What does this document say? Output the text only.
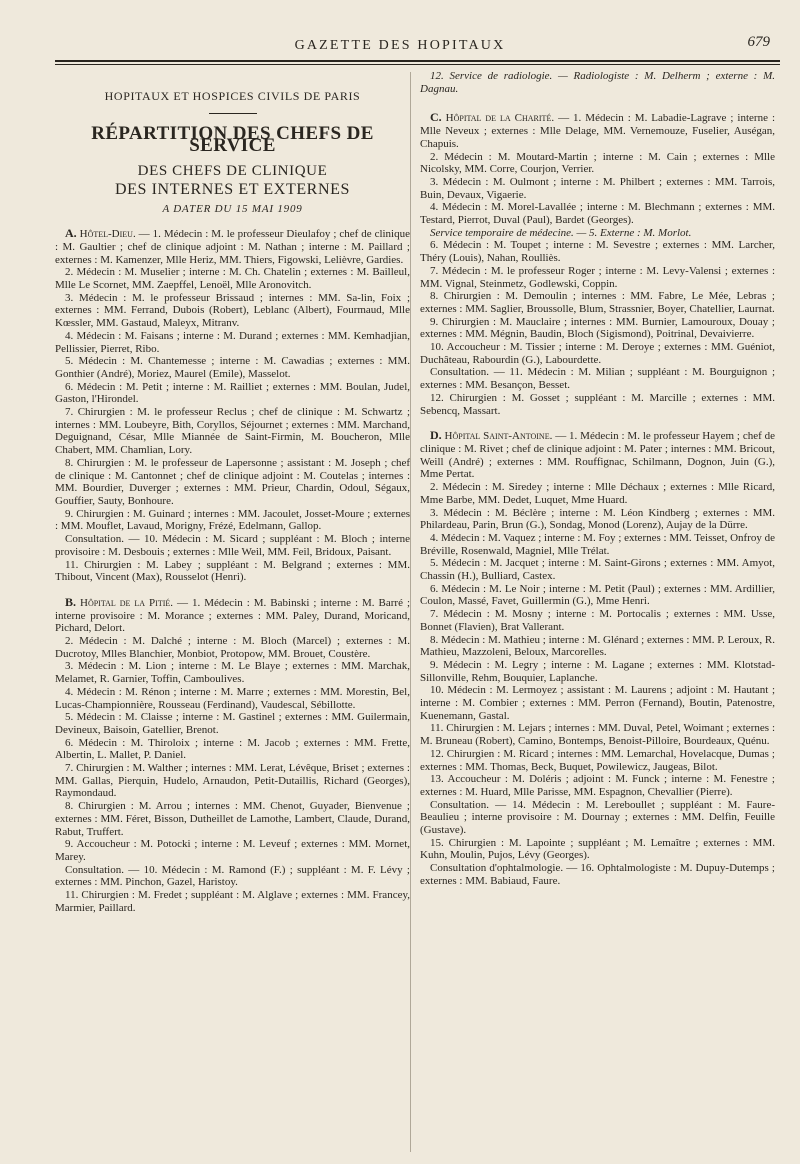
GAZETTE DES HOPITAUX	679
HOPITAUX ET HOSPICES CIVILS DE PARIS
RÉPARTITION DES CHEFS DE SERVICE
DES CHEFS DE CLINIQUE
DES INTERNES ET EXTERNES
A DATER DU 15 MAI 1909

A. Hôtel-Dieu. — 1. Médecin : M. le professeur Dieulafoy ; chef de clinique : M. Gaultier ; chef de clinique adjoint : M. Nathan ; interne : M. Paillard ; externes : M. Kamenzer, Mlle Heriz, MM. Thiers, Figowski, Lelièvre, Gardies.

2. Médecin : M. Muselier ; interne : M. Ch. Chatelin ; externes : M. Bailleul, Mlle Le Scornet, MM. Zaepffel, Lenoël, Mlle Aronovitch.

3. Médecin : M. le professeur Brissaud ; internes : MM. Sa-lin, Foix ; externes : MM. Ferrand, Dubois (Robert), Leblanc (Albert), Fourmaud, Mlle Kœssler, MM. Gastaud, Maleyx, Mitranv.

4. Médecin : M. Faisans ; interne : M. Durand ; externes : MM. Kemhadjian, Pellissier, Pierret, Ribo.

5. Médecin : M. Chantemesse ; interne : M. Cawadias ; externes : MM. Gonthier (André), Moriez, Maurel (Emile), Masselot.

6. Médecin : M. Petit ; interne : M. Railliet ; externes : MM. Boulan, Judel, Gaston, l'Hirondel.

7. Chirurgien : M. le professeur Reclus ; chef de clinique : M. Schwartz ; internes : MM. Loubeyre, Bith, Coryllos, Séjournet ; externes : MM. Marchand, Deguignand, César, Mlle Miannée de Saint-Firmin, M. Boucheron, Mlle Chabert, MM. Chamlian, Lory.

8. Chirurgien : M. le professeur de Lapersonne ; assistant : M. Joseph ; chef de clinique : M. Cantonnet ; chef de clinique adjoint : M. Coutelas ; internes : MM. Bourdier, Duverger ; externes : MM. Prieur, Chardin, Odoul, Ségaux, Gouffier, Sauty, Bonhoure.

9. Chirurgien : M. Guinard ; internes : MM. Jacoulet, Josset-Moure ; externes : MM. Mouflet, Lavaud, Morigny, Frézé, Edelmann, Gallop.

Consultation. — 10. Médecin : M. Sicard ; suppléant : M. Bloch ; interne provisoire : M. Desbouis ; externes : Mlle Weil, MM. Feil, Bridoux, Paisant.

11. Chirurgien : M. Labey ; suppléant : M. Belgrand ; externes : MM. Thibout, Vincent (Max), Rousselot (Henri).

B. Hôpital de la Pitié. — 1. Médecin : M. Babinski ; interne : M. Barré ; interne provisoire : M. Morance ; externes : MM. Paley, Durand, Moricand, Pichard, Delort.

2. Médecin : M. Dalché ; interne : M. Bloch (Marcel) ; externes : M. Ducrotoy, Mlles Blanchier, Monbiot, Protopow, MM. Brouet, Coustère.

3. Médecin : M. Lion ; interne : M. Le Blaye ; externes : MM. Marchak, Melamet, R. Garnier, Toffin, Camboulives.

4. Médecin : M. Rénon ; interne : M. Marre ; externes : MM. Morestin, Bel, Lucas-Championnière, Rousseau (Ferdinand), Vaudescal, Sébillotte.

5. Médecin : M. Claisse ; interne : M. Gastinel ; externes : MM. Guilermain, Devineux, Baisoin, Gatellier, Brenot.

6. Médecin : M. Thiroloix ; interne : M. Jacob ; externes : MM. Frette, Albertin, L. Mallet, P. Daniel.

7. Chirurgien : M. Walther ; internes : MM. Lerat, Lévêque, Briset ; externes : MM. Gallas, Pierquin, Hudelo, Arnaudon, Petit-Dutaillis, Richard (Georges), Raymondaud.

8. Chirurgien : M. Arrou ; internes : MM. Chenot, Guyader, Bienvenue ; externes : MM. Féret, Bisson, Dutheillet de Lamothe, Lambert, Claude, Durand, Rabut, Truffert.

9. Accoucheur : M. Potocki ; interne : M. Leveuf ; externes : MM. Mornet, Marey.

Consultation. — 10. Médecin : M. Ramond (F.) ; suppléant : M. F. Lévy ; externes : MM. Pinchon, Gazel, Haristoy.

11. Chirurgien : M. Fredet ; suppléant : M. Alglave ; externes : MM. Francey, Marmier, Paillard.

12. Service de radiologie. — Radiologiste : M. Delherm ; externe : M. Dagnau.

C. Hôpital de la Charité. — 1. Médecin : M. Labadie-Lagrave ; interne : Mlle Neveux ; externes : Mlle Delage, MM. Vernemouze, Fuselier, Auségan, Chapuis.

2. Médecin : M. Moutard-Martin ; interne : M. Cain ; externes : Mlle Nicolsky, MM. Corre, Courjon, Verrier.

3. Médecin : M. Oulmont ; interne : M. Philbert ; externes : MM. Tarrois, Buin, Devaux, Vigaerie.

4. Médecin : M. Morel-Lavallée ; interne : M. Blechmann ; externes : MM. Testard, Pierrot, Duval (Paul), Bardet (Georges).

Service temporaire de médecine. — 5. Externe : M. Morlot.

6. Médecin : M. Toupet ; interne : M. Sevestre ; externes : MM. Larcher, Théry (Louis), Nahan, Roulliès.

7. Médecin : M. le professeur Roger ; interne : M. Levy-Valensi ; externes : MM. Vignal, Steinmetz, Godlewski, Coppin.

8. Chirurgien : M. Demoulin ; internes : MM. Fabre, Le Mée, Lebras ; externes : MM. Saglier, Broussolle, Blum, Strassnier, Boyer, Chatellier, Laurnat.

9. Chirurgien : M. Mauclaire ; internes : MM. Burnier, Lamouroux, Douay ; externes : MM. Mégnin, Baudin, Bloch (Sigismond), Poitrinal, Devaivierre.

10. Accoucheur : M. Tissier ; interne : M. Deroye ; externes : MM. Guéniot, Duchâteau, Rabourdin (G.), Labourdette.

Consultation. — 11. Médecin : M. Milian ; suppléant : M. Bourguignon ; externes : MM. Besançon, Besset.

12. Chirurgien : M. Gosset ; suppléant : M. Marcille ; externes : MM. Sebencq, Massart.

D. Hôpital Saint-Antoine. — 1. Médecin : M. le professeur Hayem ; chef de clinique : M. Rivet ; chef de clinique adjoint : M. Pater ; internes : MM. Bricout, Weill (André) ; externes : MM. Rouffignac, Schilmann, Dognon, Juin (G.), Mme Pertat.

2. Médecin : M. Siredey ; interne : Mlle Déchaux ; externes : Mlle Ricard, Mme Barbe, MM. Dedet, Luquet, Mme Huard.

3. Médecin : M. Béclère ; interne : M. Léon Kindberg ; externes : MM. Philardeau, Parin, Brun (G.), Sondag, Monod (Lorenz), Aujay de la Dürre.

4. Médecin : M. Vaquez ; interne : M. Foy ; externes : MM. Teisset, Onfroy de Bréville, Rosenwald, Magniel, Mlle Trélat.

5. Médecin : M. Jacquet ; interne : M. Saint-Girons ; externes : MM. Amyot, Chassin (H.), Bulliard, Castex.

6. Médecin : M. Le Noir ; interne : M. Petit (Paul) ; externes : MM. Ardillier, Coulon, Massé, Favet, Guillermin (G.), Mme Henri.

7. Médecin : M. Mosny ; interne : M. Portocalis ; externes : MM. Usse, Bonnet (Flavien), Brat Vallerant.

8. Médecin : M. Mathieu ; interne : M. Glénard ; externes : MM. P. Leroux, R. Mathieu, Mazzoleni, Beloux, Marcorelles.

9. Médecin : M. Legry ; interne : M. Lagane ; externes : MM. Klotstad-Sillonville, Rehm, Bouquier, Laplanche.

10. Médecin : M. Lermoyez ; assistant : M. Laurens ; adjoint : M. Hautant ; interne : M. Combier ; externes : MM. Perron (Fernand), Boutin, Patenostre, Kuenemann, Gastal.

11. Chirurgien : M. Lejars ; internes : MM. Duval, Petel, Woimant ; externes : M. Bruneau (Robert), Camino, Bontemps, Benoist-Pilloire, Bourdeaux, Quénu.

12. Chirurgien : M. Ricard ; internes : MM. Lemarchal, Hovelacque, Dumas ; externes : MM. Thomas, Beck, Buquet, Powilewicz, Jaugeas, Bilot.

13. Accoucheur : M. Doléris ; adjoint : M. Funck ; interne : M. Fenestre ; externes : M. Huard, Mlle Parisse, MM. Espagnon, Chevallier (Pierre).

Consultation. — 14. Médecin : M. Lereboullet ; suppléant : M. Faure-Beaulieu ; interne provisoire : M. Dournay ; externes : MM. Delfin, Feuille (Gustave).

15. Chirurgien : M. Lapointe ; suppléant ; M. Lemaître ; externes : MM. Kuhn, Moulin, Pujos, Lévy (Georges).

Consultation d'ophtalmologie. — 16. Ophtalmologiste : M. Dupuy-Dutemps ; externes : MM. Babiaud, Faure.
